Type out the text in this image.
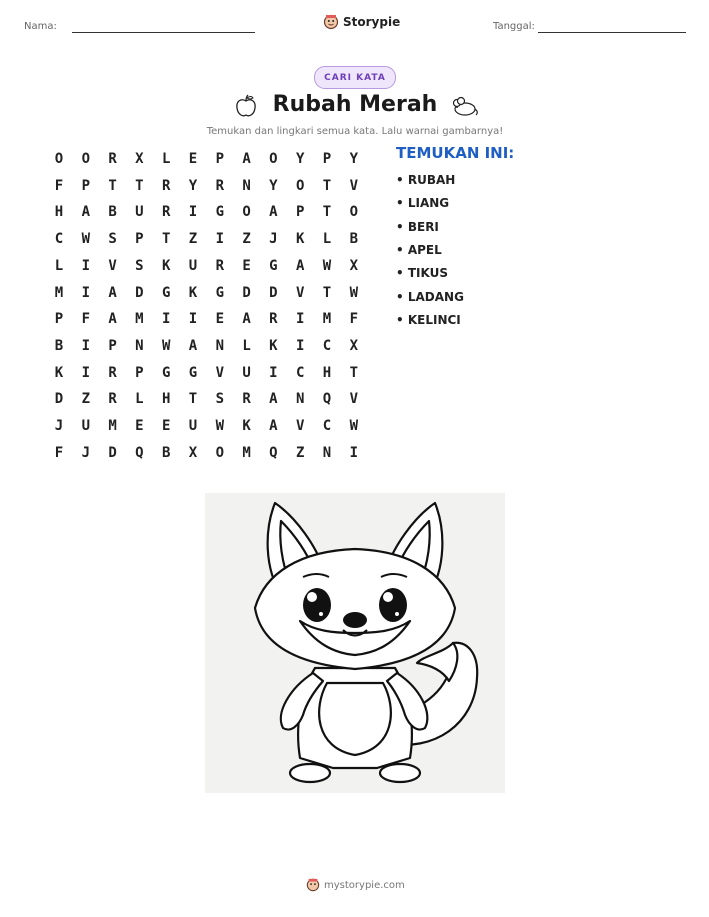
Nama:	Storypie	Tanggal:
CARI KATA
Rubah Merah
Temukan dan lingkari semua kata. Lalu warnai gambarnya!
O	O	R	X	L	E	P	A	O	Y	P	Y
F	P	T	T	R	Y	R	N	Y	O	T	V
H	A	B	U	R	I	G	O	A	P	T	O
C	W	S	P	T	Z	I	Z	J	K	L	B
L	I	V	S	K	U	R	E	G	A	W	X
M	I	A	D	G	K	G	D	D	V	T	W
P	F	A	M	I	I	E	A	R	I	M	F
B	I	P	N	W	A	N	L	K	I	C	X
K	I	R	P	G	G	V	U	I	C	H	T
D	Z	R	L	H	T	S	R	A	N	Q	V
J	U	M	E	E	U	W	K	A	V	C	W
F	J	D	Q	B	X	O	M	Q	Z	N	I
TEMUKAN INI:
• RUBAH
• LIANG
• BERI
• APEL
• TIKUS
• LADANG
• KELINCI
mystorypie.com
